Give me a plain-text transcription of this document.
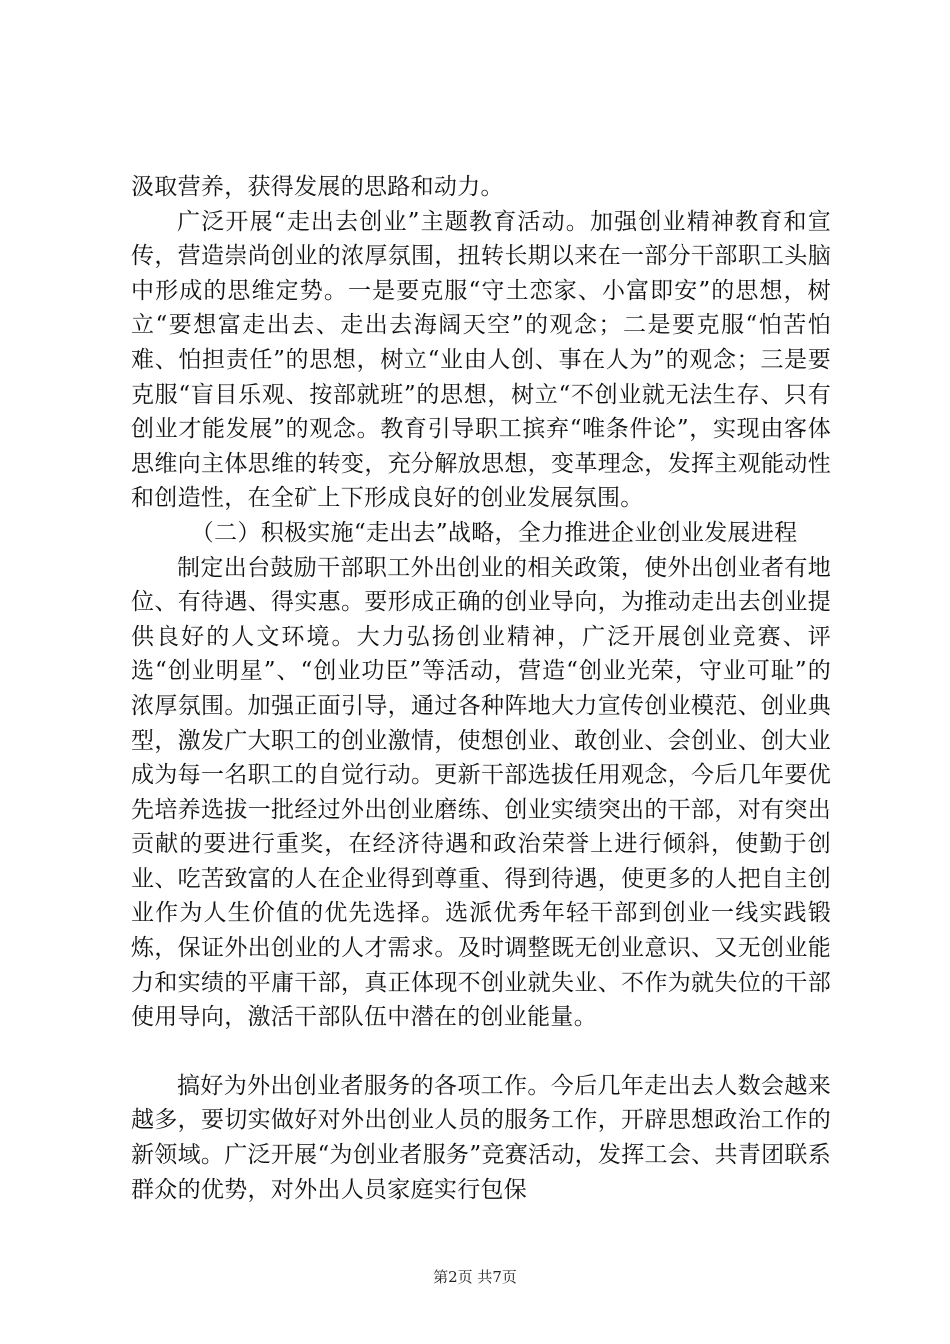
汲取营养，获得发展的思路和动力。

广泛开展“走出去创业”主题教育活动。加强创业精神教育和宣传，营造崇尚创业的浓厚氛围，扭转长期以来在一部分干部职工头脑中形成的思维定势。一是要克服“守土恋家、小富即安”的思想，树立“要想富走出去、走出去海阔天空”的观念；二是要克服“怕苦怕难、怕担责任”的思想，树立“业由人创、事在人为”的观念；三是要克服“盲目乐观、按部就班”的思想，树立“不创业就无法生存、只有创业才能发展”的观念。教育引导职工摈弃“唯条件论”，实现由客体思维向主体思维的转变，充分解放思想，变革理念，发挥主观能动性和创造性，在全矿上下形成良好的创业发展氛围。

（二）积极实施“走出去”战略，全力推进企业创业发展进程

制定出台鼓励干部职工外出创业的相关政策，使外出创业者有地位、有待遇、得实惠。要形成正确的创业导向，为推动走出去创业提供良好的人文环境。大力弘扬创业精神，广泛开展创业竞赛、评选“创业明星”、“创业功臣”等活动，营造“创业光荣，守业可耻”的浓厚氛围。加强正面引导，通过各种阵地大力宣传创业模范、创业典型，激发广大职工的创业激情，使想创业、敢创业、会创业、创大业成为每一名职工的自觉行动。更新干部选拔任用观念，今后几年要优先培养选拔一批经过外出创业磨练、创业实绩突出的干部，对有突出贡献的要进行重奖，在经济待遇和政治荣誉上进行倾斜，使勤于创业、吃苦致富的人在企业得到尊重、得到待遇，使更多的人把自主创业作为人生价值的优先选择。选派优秀年轻干部到创业一线实践锻炼，保证外出创业的人才需求。及时调整既无创业意识、又无创业能力和实绩的平庸干部，真正体现不创业就失业、不作为就失位的干部使用导向，激活干部队伍中潜在的创业能量。

搞好为外出创业者服务的各项工作。今后几年走出去人数会越来越多，要切实做好对外出创业人员的服务工作，开辟思想政治工作的新领域。广泛开展“为创业者服务”竞赛活动，发挥工会、共青团联系群众的优势，对外出人员家庭实行包保

第2页 共7页
